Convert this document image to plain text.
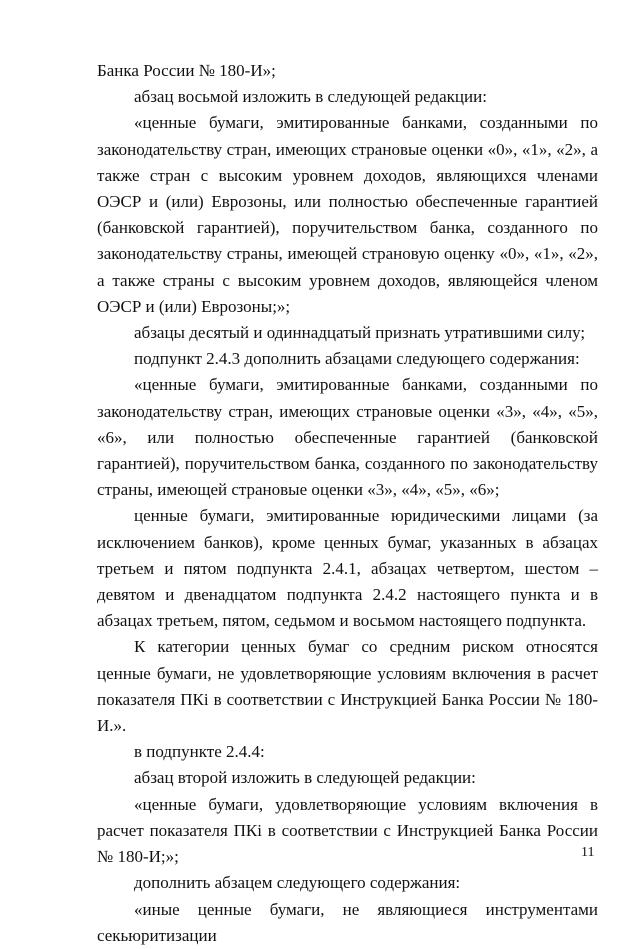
Банка России № 180-И»;

абзац восьмой изложить в следующей редакции:

«ценные бумаги, эмитированные банками, созданными по законодательству стран, имеющих страновые оценки «0», «1», «2», а также стран с высоким уровнем доходов, являющихся членами ОЭСР и (или) Еврозоны, или полностью обеспеченные гарантией (банковской гарантией), поручительством банка, созданного по законодательству страны, имеющей страновую оценку «0», «1», «2», а также страны с высоким уровнем доходов, являющейся членом ОЭСР и (или) Еврозоны;»;

абзацы десятый и одиннадцатый признать утратившими силу;

подпункт 2.4.3 дополнить абзацами следующего содержания:

«ценные бумаги, эмитированные банками, созданными по законодательству стран, имеющих страновые оценки «3», «4», «5», «6», или полностью обеспеченные гарантией (банковской гарантией), поручительством банка, созданного по законодательству страны, имеющей страновые оценки «3», «4», «5», «6»;

ценные бумаги, эмитированные юридическими лицами (за исключением банков), кроме ценных бумаг, указанных в абзацах третьем и пятом подпункта 2.4.1, абзацах четвертом, шестом – девятом и двенадцатом подпункта 2.4.2 настоящего пункта и в абзацах третьем, пятом, седьмом и восьмом настоящего подпункта.

К категории ценных бумаг со средним риском относятся ценные бумаги, не удовлетворяющие условиям включения в расчет показателя ПКі в соответствии с Инструкцией Банка России № 180-И.».

в подпункте 2.4.4:

абзац второй изложить в следующей редакции:

«ценные бумаги, удовлетворяющие условиям включения в расчет показателя ПКі в соответствии с Инструкцией Банка России № 180-И;»;

дополнить абзацем следующего содержания:

«иные ценные бумаги, не являющиеся инструментами секьюритизации

11
